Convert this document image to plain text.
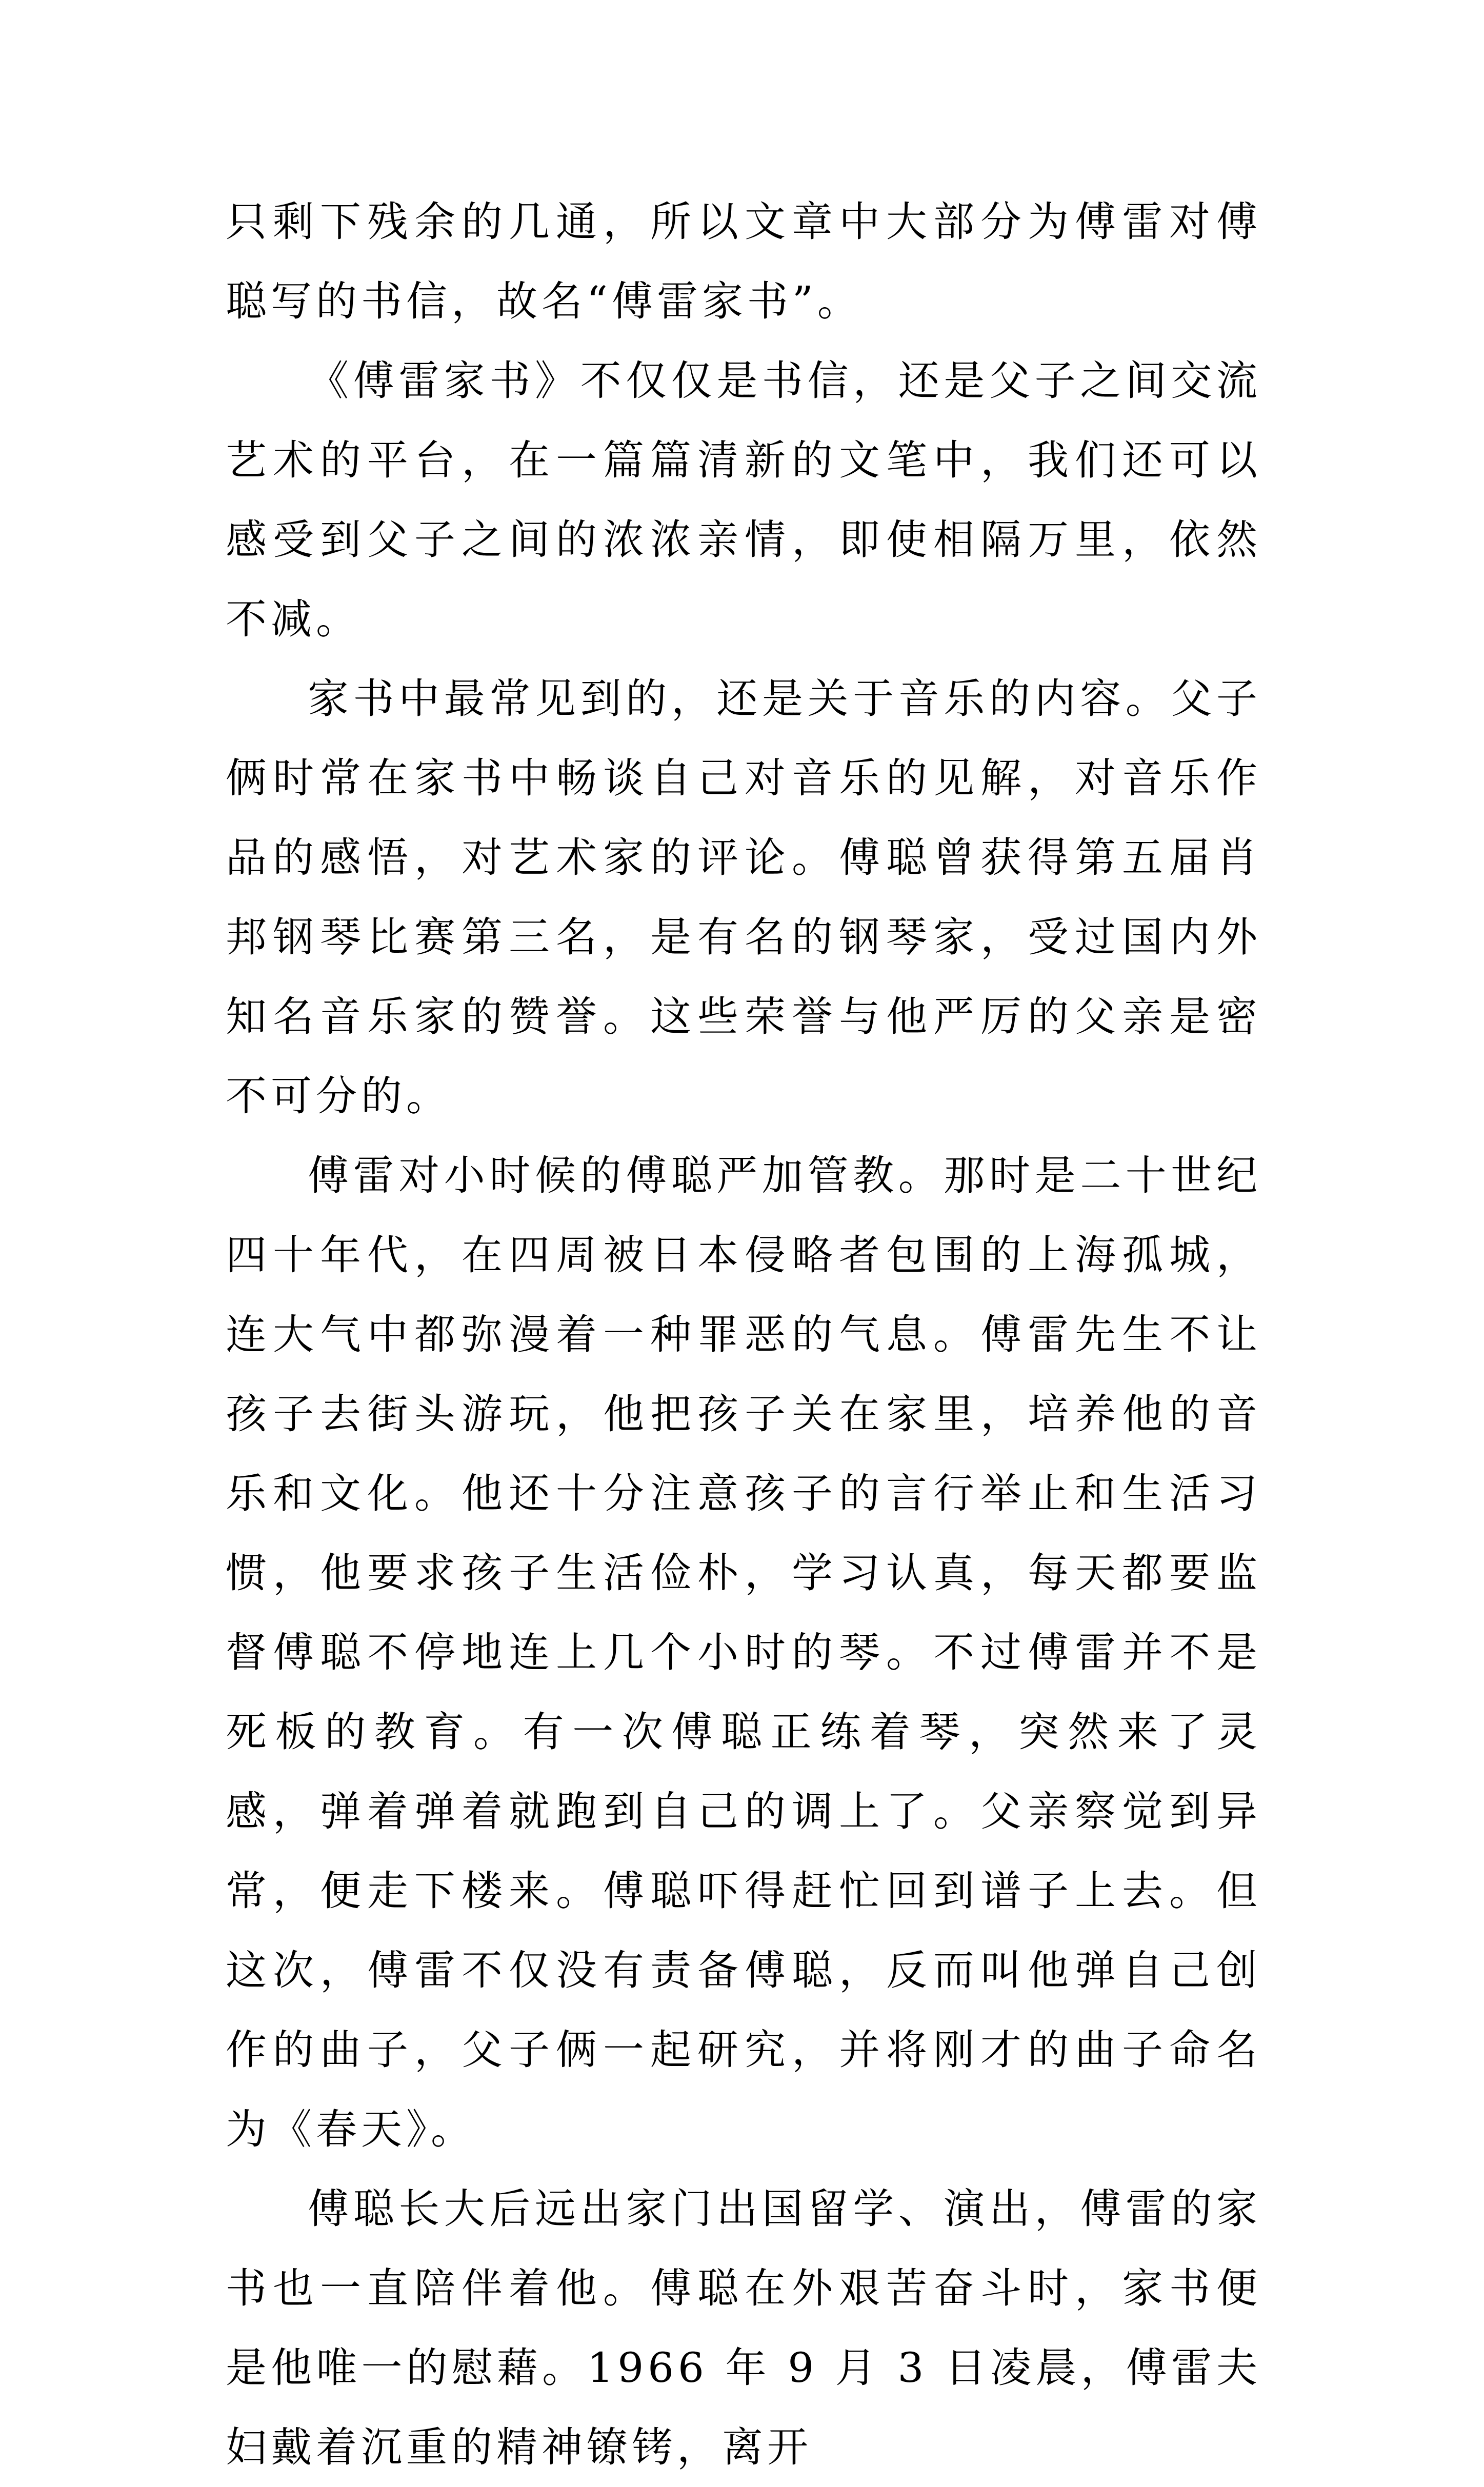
只剩下残余的几通，所以文章中大部分为傅雷对傅聪写的书信，故名“傅雷家书”。

《傅雷家书》不仅仅是书信，还是父子之间交流艺术的平台，在一篇篇清新的文笔中，我们还可以感受到父子之间的浓浓亲情，即使相隔万里，依然不减。

家书中最常见到的，还是关于音乐的内容。父子俩时常在家书中畅谈自己对音乐的见解，对音乐作品的感悟，对艺术家的评论。傅聪曾获得第五届肖邦钢琴比赛第三名，是有名的钢琴家，受过国内外知名音乐家的赞誉。这些荣誉与他严厉的父亲是密不可分的。

傅雷对小时候的傅聪严加管教。那时是二十世纪四十年代，在四周被日本侵略者包围的上海孤城，连大气中都弥漫着一种罪恶的气息。傅雷先生不让孩子去街头游玩，他把孩子关在家里，培养他的音乐和文化。他还十分注意孩子的言行举止和生活习惯，他要求孩子生活俭朴，学习认真，每天都要监督傅聪不停地连上几个小时的琴。不过傅雷并不是死板的教育。有一次傅聪正练着琴，突然来了灵感，弹着弹着就跑到自己的调上了。父亲察觉到异常，便走下楼来。傅聪吓得赶忙回到谱子上去。但这次，傅雷不仅没有责备傅聪，反而叫他弹自己创作的曲子，父子俩一起研究，并将刚才的曲子命名为《春天》。

傅聪长大后远出家门出国留学、演出，傅雷的家书也一直陪伴着他。傅聪在外艰苦奋斗时，家书便是他唯一的慰藉。1966 年 9 月 3 日凌晨，傅雷夫妇戴着沉重的精神镣铐，离开
